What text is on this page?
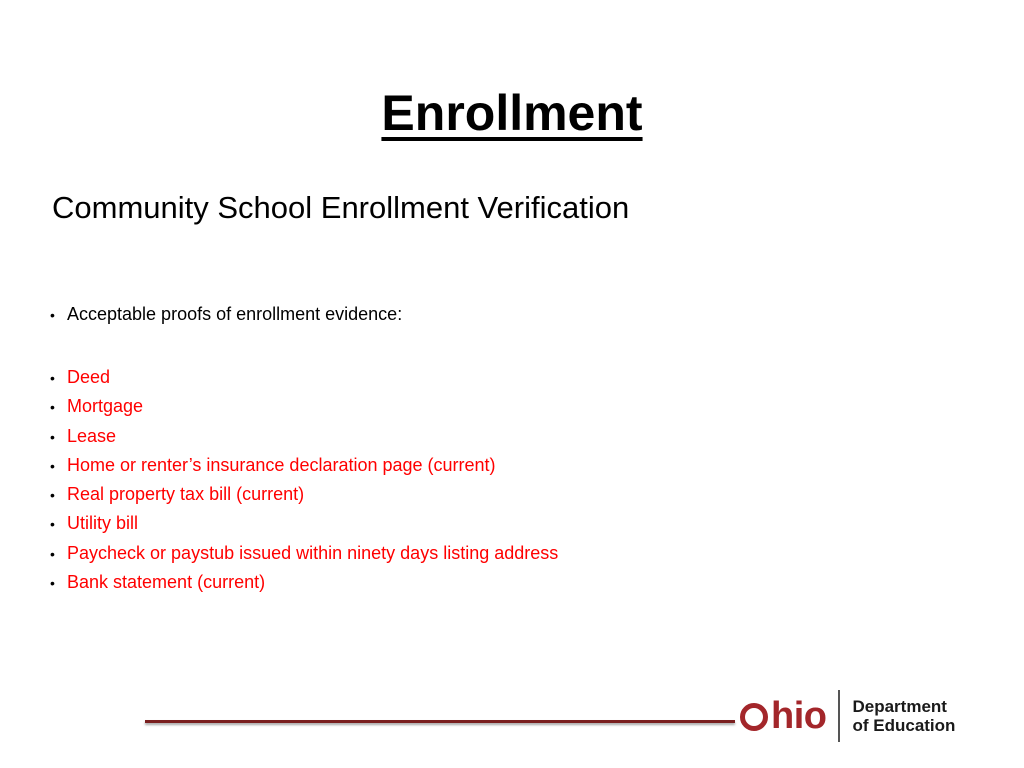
Enrollment

Community School Enrollment Verification

• Acceptable proofs of enrollment evidence:
• Deed
• Mortgage
• Lease
• Home or renter’s insurance declaration page (current)
• Real property tax bill (current)
• Utility bill
• Paycheck or paystub issued within ninety days listing address
• Bank statement (current)
hio Department
of Education
